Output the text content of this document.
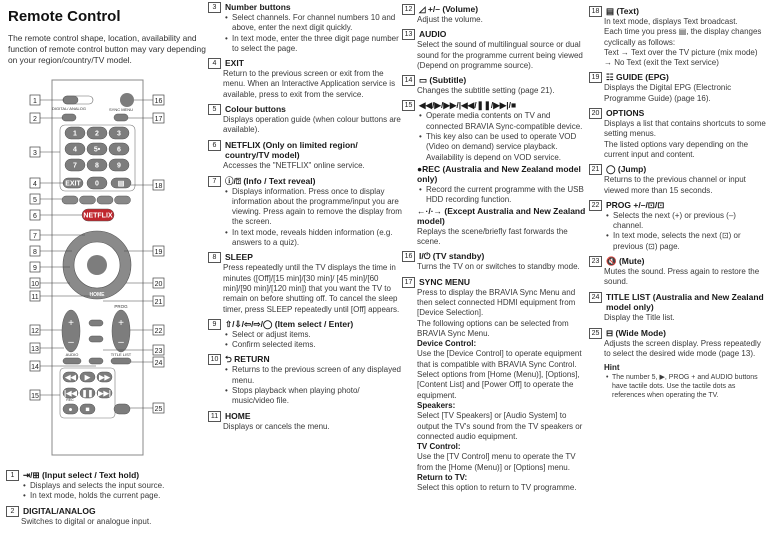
Remote Control
The remote control shape, location, availability and function of remote control button may vary depending on your region/country/TV model.
DIGITAL/ ANALOG	SYNC MENU
1	2	3
4 5• 6
7	8	9
0
EXIT	▤
NETFLIX
HOME
PROG
+
–
+
–
AUDIO	TITLE LIST
◀◀ ▶ ▶▶
|◀◀ ❚❚ ▶▶|
● ■
REC
1
2
3
4
5
6
7
8
9
10
11
12
13
14
15
16
17
18
19
20
21
22
23
24
25
1	⇥/⊞ (Input select / Text hold)
• Displays and selects the input source.
• In text mode, holds the current page.
2	DIGITAL/ANALOG
Switches to digital or analogue input.
3	Number buttons
• Select channels. For channel numbers 10 and above, enter the next digit quickly.
• In text mode, enter the three digit page number to select the page.
4	EXIT
Return to the previous screen or exit from the menu. When an Interactive Application service is available, press to exit from the service.
5	Colour buttons
Displays operation guide (when colour buttons are available).
6	NETFLIX (Only on limited region/ country/TV model)
Accesses the "NETFLIX" online service.
7	ⓘ/⍰ (Info / Text reveal)
• Displays information. Press once to display information about the programme/input you are viewing. Press again to remove the display from the screen.
• In text mode, reveals hidden information (e.g. answers to a quiz).
8	SLEEP
Press repeatedly until the TV displays the time in minutes ([Off]/[15 min]/[30 min]/ [45 min]/[60 min]/[90 min]/[120 min]) that you want the TV to remain on before shutting off. To cancel the sleep timer, press SLEEP repeatedly until [Off] appears.
9	⇧/⇩/⇦/⇨/◯ (Item select / Enter)
• Select or adjust items.
• Confirm selected items.
10 ⮌ RETURN
• Returns to the previous screen of any displayed menu.
• Stops playback when playing photo/ music/video file.
11 HOME
Displays or cancels the menu.
12 ◿ +/– (Volume)
Adjust the volume.
13 AUDIO
Select the sound of multilingual source or dual sound for the programme current being viewed (Depend on programme source).
14 ▭ (Subtitle)
Changes the subtitle setting (page 21).
15 ◀◀/▶/▶▶/|◀◀/❚❚/▶▶|/■
• Operate media contents on TV and connected BRAVIA Sync-compatible device.
• This key also can be used to operate VOD (Video on demand) service playback. Availability is depend on VOD service.
●REC (Australia and New Zealand model only)
• Record the current programme with the USB HDD recording function.
←·/·→ (Except Australia and New Zealand model)
Replays the scene/briefly fast forwards the scene.
16 I/⏻ (TV standby)
Turns the TV on or switches to standby mode.
17 SYNC MENU
Press to display the BRAVIA Sync Menu and then select connected HDMI equipment from [Device Selection].
The following options can be selected from BRAVIA Sync Menu.
Device Control:
Use the [Device Control] to operate equipment that is compatible with BRAVIA Sync Control. Select options from [Home (Menu)], [Options], [Content List] and [Power Off] to operate the equipment.
Speakers:
Select [TV Speakers] or [Audio System] to output the TV's sound from the TV speakers or connected audio equipment.
TV Control:
Use the [TV Control] menu to operate the TV from the [Home (Menu)] or [Options] menu.
Return to TV:
Select this option to return to TV programme.
18 ▤ (Text)
In text mode, displays Text broadcast.
Each time you press ▤, the display changes cyclically as follows:
Text → Text over the TV picture (mix mode) → No Text (exit the Text service)
19 ☷ GUIDE (EPG)
Displays the Digital EPG (Electronic Programme Guide) (page 16).
20 OPTIONS
Displays a list that contains shortcuts to some setting menus.
The listed options vary depending on the current input and content.
21 ◯ (Jump)
Returns to the previous channel or input viewed more than 15 seconds.
22 PROG +/–/⊡/⊡
• Selects the next (+) or previous (–) channel.
• In text mode, selects the next (⊡) or previous (⊡) page.
23 🔇 (Mute)
Mutes the sound. Press again to restore the sound.
24 TITLE LIST (Australia and New Zealand model only)
Display the Title list.
25 ⊟ (Wide Mode)
Adjusts the screen display. Press repeatedly to select the desired wide mode (page 13).
Hint
• The number 5, ▶, PROG + and AUDIO buttons have tactile dots. Use the tactile dots as references when operating the TV.
